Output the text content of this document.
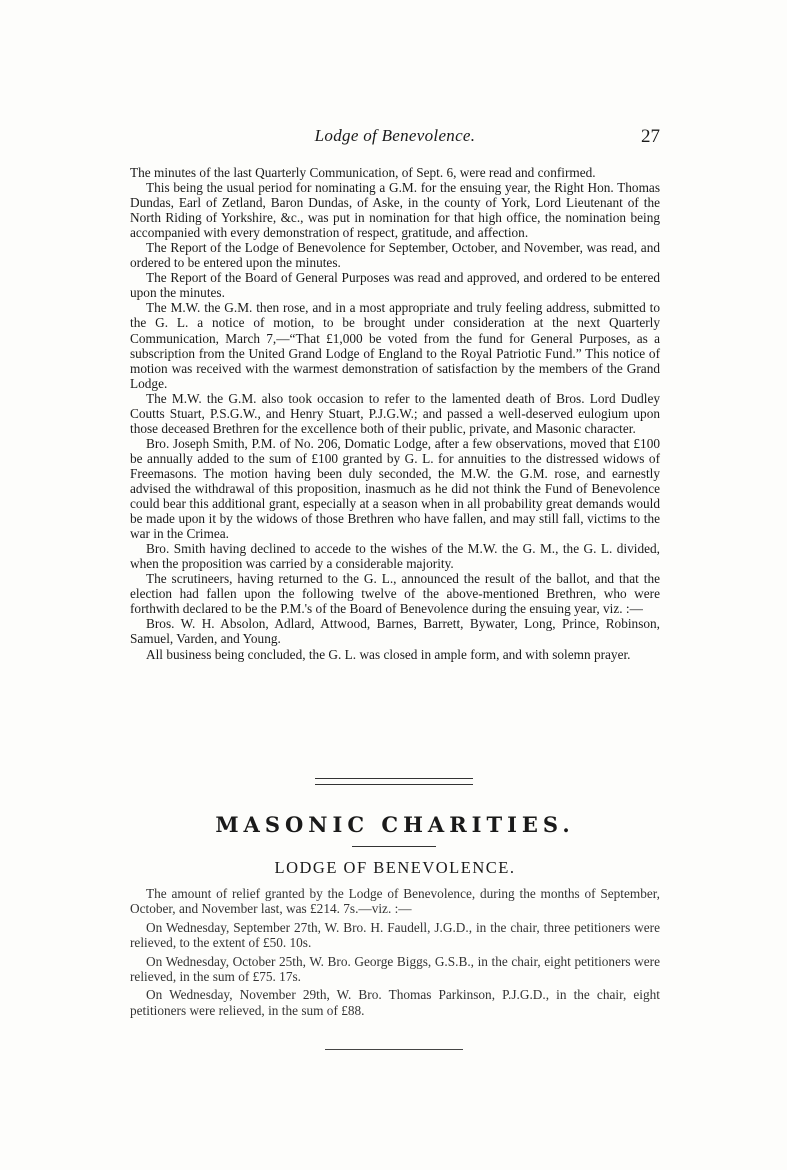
Lodge of Benevolence.	27

The minutes of the last Quarterly Communication, of Sept. 6, were read and confirmed.

This being the usual period for nominating a G.M. for the ensuing year, the Right Hon. Thomas Dundas, Earl of Zetland, Baron Dundas, of Aske, in the county of York, Lord Lieutenant of the North Riding of Yorkshire, &c., was put in nomination for that high office, the nomination being accompanied with every demonstration of respect, gratitude, and affection.

The Report of the Lodge of Benevolence for September, October, and November, was read, and ordered to be entered upon the minutes.

The Report of the Board of General Purposes was read and approved, and ordered to be entered upon the minutes.

The M.W. the G.M. then rose, and in a most appropriate and truly feeling address, submitted to the G. L. a notice of motion, to be brought under consideration at the next Quarterly Communication, March 7,—“That £1,000 be voted from the fund for General Purposes, as a subscription from the United Grand Lodge of England to the Royal Patriotic Fund.” This notice of motion was received with the warmest demonstration of satisfaction by the members of the Grand Lodge.

The M.W. the G.M. also took occasion to refer to the lamented death of Bros. Lord Dudley Coutts Stuart, P.S.G.W., and Henry Stuart, P.J.G.W.; and passed a well-deserved eulogium upon those deceased Brethren for the excellence both of their public, private, and Masonic character.

Bro. Joseph Smith, P.M. of No. 206, Domatic Lodge, after a few observations, moved that £100 be annually added to the sum of £100 granted by G. L. for annuities to the distressed widows of Freemasons. The motion having been duly seconded, the M.W. the G.M. rose, and earnestly advised the withdrawal of this proposition, inasmuch as he did not think the Fund of Benevolence could bear this additional grant, especially at a season when in all probability great demands would be made upon it by the widows of those Brethren who have fallen, and may still fall, victims to the war in the Crimea.

Bro. Smith having declined to accede to the wishes of the M.W. the G. M., the G. L. divided, when the proposition was carried by a considerable majority.

The scrutineers, having returned to the G. L., announced the result of the ballot, and that the election had fallen upon the following twelve of the above-mentioned Brethren, who were forthwith declared to be the P.M.'s of the Board of Benevolence during the ensuing year, viz. :—

Bros. W. H. Absolon, Adlard, Attwood, Barnes, Barrett, Bywater, Long, Prince, Robinson, Samuel, Varden, and Young.

All business being concluded, the G. L. was closed in ample form, and with solemn prayer.

MASONIC CHARITIES.
LODGE OF BENEVOLENCE.

The amount of relief granted by the Lodge of Benevolence, during the months of September, October, and November last, was £214. 7s.—viz. :—

On Wednesday, September 27th, W. Bro. H. Faudell, J.G.D., in the chair, three petitioners were relieved, to the extent of £50. 10s.

On Wednesday, October 25th, W. Bro. George Biggs, G.S.B., in the chair, eight petitioners were relieved, in the sum of £75. 17s.

On Wednesday, November 29th, W. Bro. Thomas Parkinson, P.J.G.D., in the chair, eight petitioners were relieved, in the sum of £88.
